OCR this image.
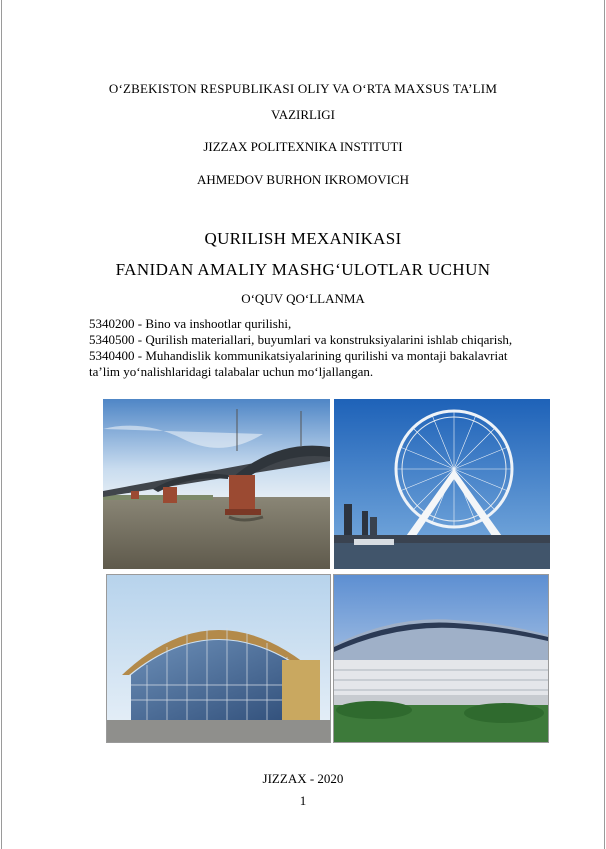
O‘ZBEKISTON RESPUBLIKASI OLIY VA O‘RTA MAXSUS TA’LIM
VAZIRLIGI
JIZZAX POLITEXNIKA INSTITUTI
AHMEDOV BURHON IKROMOVICH
QURILISH MEXANIKASI
FANIDAN AMALIY MASHG‘ULOTLAR UCHUN
O‘QUV QO‘LLANMA
5340200 - Bino va inshootlar qurilishi,
5340500 - Qurilish materiallari, buyumlari va konstruksiyalarini ishlab chiqarish,
5340400 - Muhandislik kommunikatsiyalarining qurilishi va montaji bakalavriat
ta’lim yo‘nalishlaridagi talabalar uchun mo‘ljallangan.
JIZZAX - 2020
1
